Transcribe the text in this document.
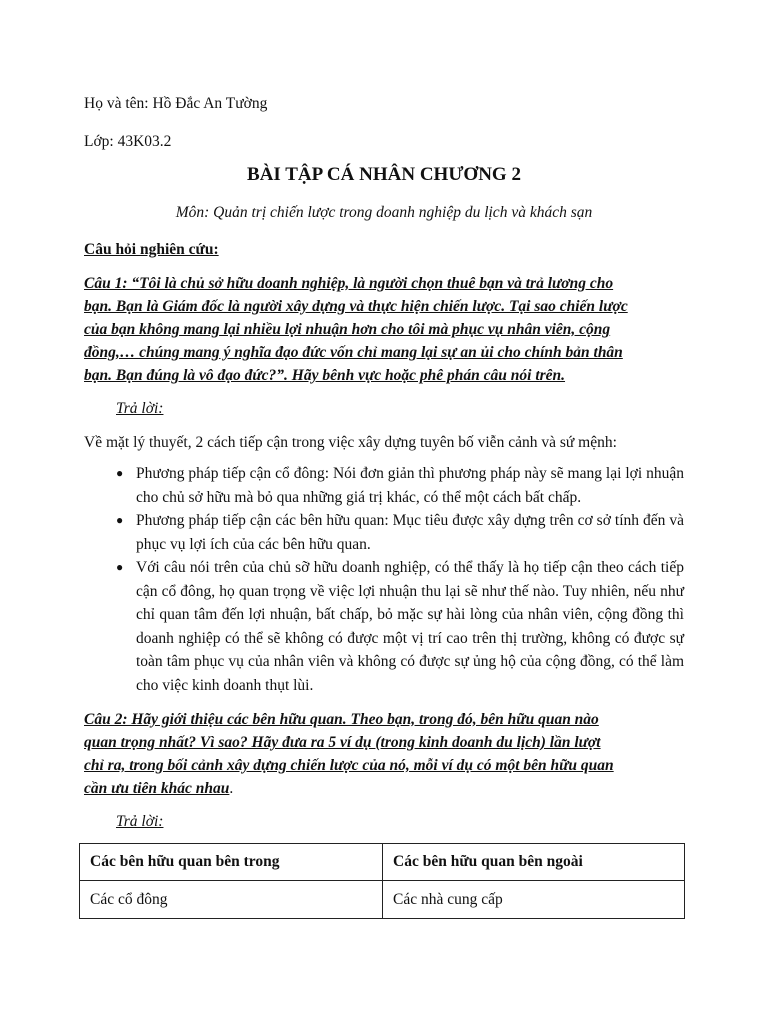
Họ và tên: Hồ Đắc An Tường
Lớp: 43K03.2
BÀI TẬP CÁ NHÂN CHƯƠNG 2
Môn: Quản trị chiến lược trong doanh nghiệp du lịch và khách sạn
Câu hỏi nghiên cứu:
Câu 1: “Tôi là chủ sở hữu doanh nghiệp, là người chọn thuê bạn và trả lương cho
bạn. Bạn là Giám đốc là người xây dựng và thực hiện chiến lược. Tại sao chiến lược
của bạn không mang lại nhiều lợi nhuận hơn cho tôi mà phục vụ nhân viên, cộng
đồng,… chúng mang ý nghĩa đạo đức vốn chỉ mang lại sự an ủi cho chính bản thân
bạn. Bạn đúng là vô đạo đức?”. Hãy bênh vực hoặc phê phán câu nói trên.
Trả lời:
Về mặt lý thuyết, 2 cách tiếp cận trong việc xây dựng tuyên bố viễn cảnh và sứ mệnh:
● Phương pháp tiếp cận cổ đông: Nói đơn giản thì phương pháp này sẽ mang lại lợi nhuận cho chủ sở hữu mà bỏ qua những giá trị khác, có thể một cách bất chấp.
● Phương pháp tiếp cận các bên hữu quan: Mục tiêu được xây dựng trên cơ sở tính đến và phục vụ lợi ích của các bên hữu quan.
● Với câu nói trên của chủ sỡ hữu doanh nghiệp, có thể thấy là họ tiếp cận theo cách tiếp cận cổ đông, họ quan trọng về việc lợi nhuận thu lại sẽ như thế nào. Tuy nhiên, nếu như chỉ quan tâm đến lợi nhuận, bất chấp, bỏ mặc sự hài lòng của nhân viên, cộng đồng thì doanh nghiệp có thể sẽ không có được một vị trí cao trên thị trường, không có được sự toàn tâm phục vụ của nhân viên và không có được sự ủng hộ của cộng đồng, có thể làm cho việc kinh doanh thụt lùi.
Câu 2: Hãy giới thiệu các bên hữu quan. Theo bạn, trong đó, bên hữu quan nào
quan trọng nhất? Vì sao? Hãy đưa ra 5 ví dụ (trong kinh doanh du lịch) lần lượt
chỉ ra, trong bối cảnh xây dựng chiến lược của nó, mỗi ví dụ có một bên hữu quan
cần ưu tiên khác nhau.
Trả lời:
Các bên hữu quan bên trong	Các bên hữu quan bên ngoài
Các cổ đông	Các nhà cung cấp
